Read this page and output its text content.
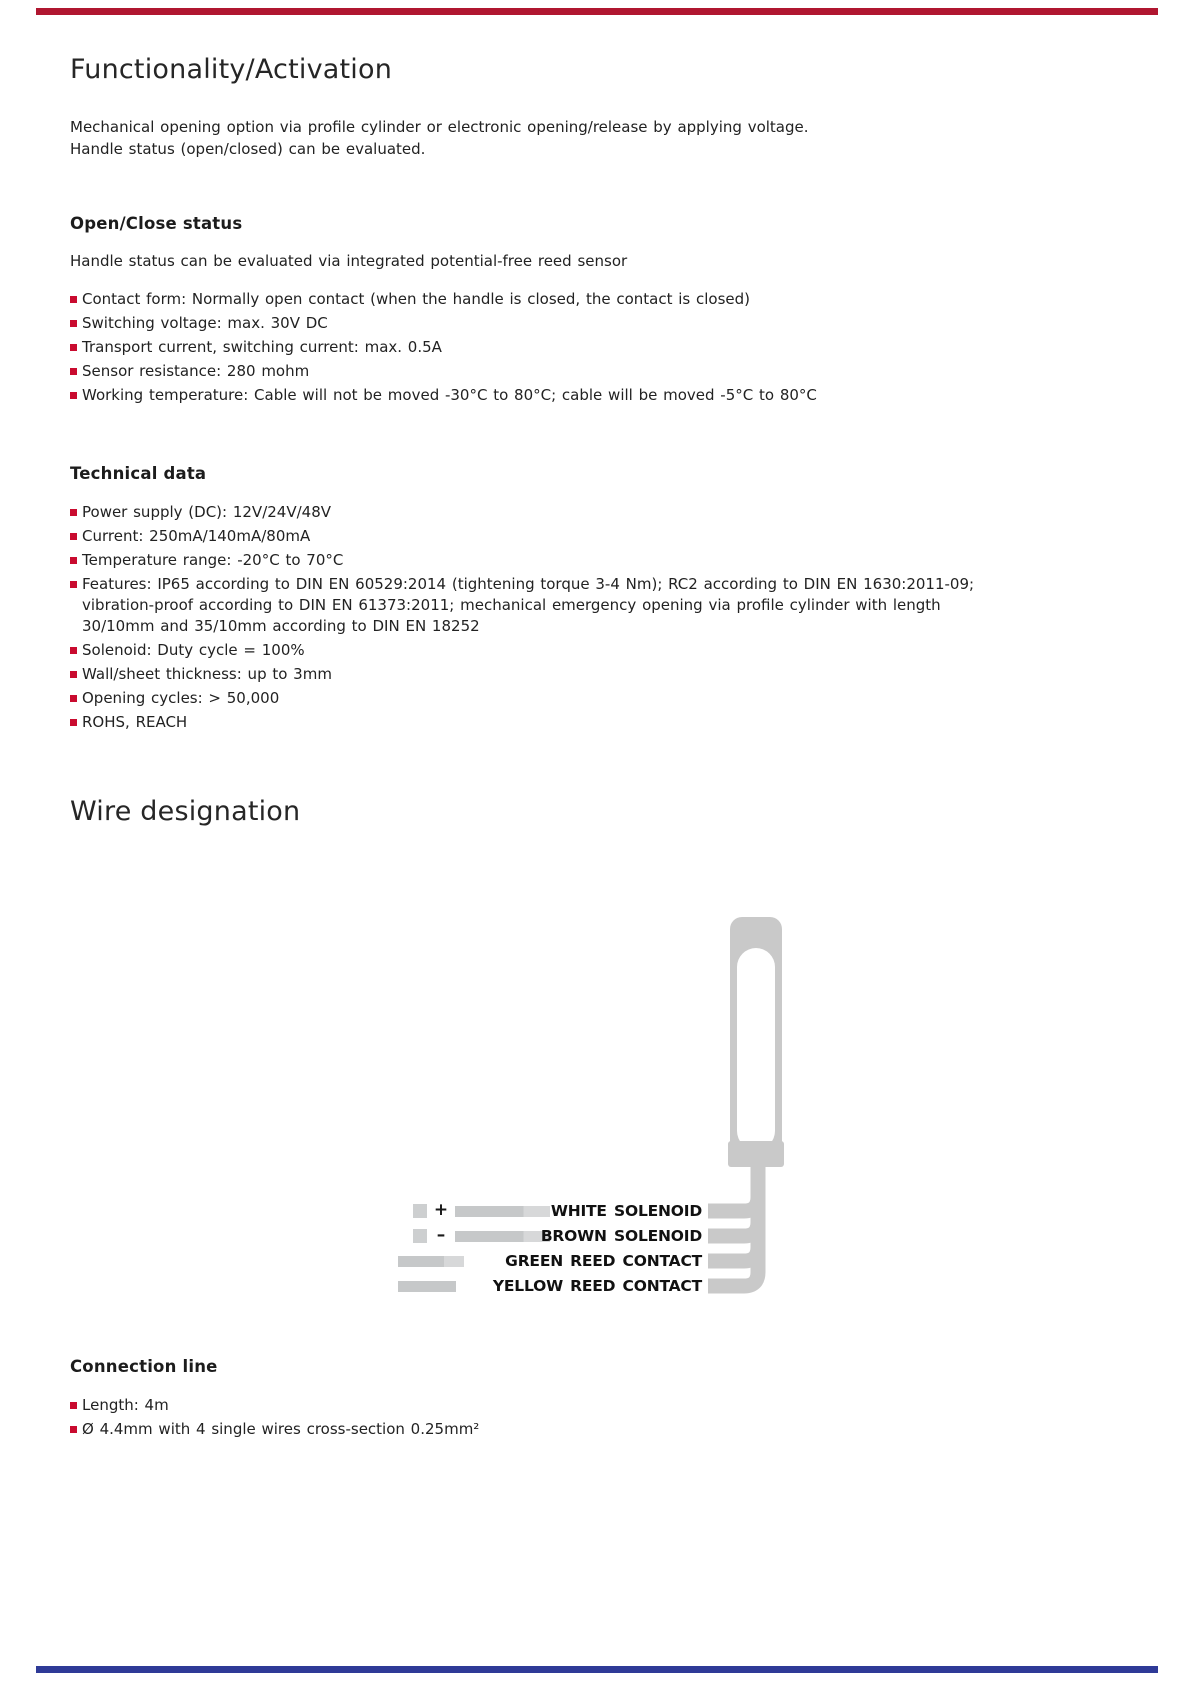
Functionality/Activation

Mechanical opening option via profile cylinder or electronic opening/release by applying voltage.
Handle status (open/closed) can be evaluated.

Open/Close status

Handle status can be evaluated via integrated potential-free reed sensor

Contact form: Normally open contact (when the handle is closed, the contact is closed)
Switching voltage: max. 30V DC
Transport current, switching current: max. 0.5A
Sensor resistance: 280 mohm
Working temperature: Cable will not be moved -30°C to 80°C; cable will be moved -5°C to 80°C
Technical data
Power supply (DC): 12V/24V/48V
Current: 250mA/140mA/80mA
Temperature range: -20°C to 70°C
Features: IP65 according to DIN EN 60529:2014 (tightening torque 3-4 Nm); RC2 according to DIN EN 1630:2011-09;
vibration-proof according to DIN EN 61373:2011; mechanical emergency opening via profile cylinder with length
30/10mm and 35/10mm according to DIN EN 18252
Solenoid: Duty cycle = 100%
Wall/sheet thickness: up to 3mm
Opening cycles: > 50,000
ROHS, REACH
Wire designation
+	WHITE SOLENOID
–	BROWN SOLENOID
GREEN REED CONTACT
YELLOW REED CONTACT
Connection line
Length: 4m
Ø 4.4mm with 4 single wires cross-section 0.25mm²
